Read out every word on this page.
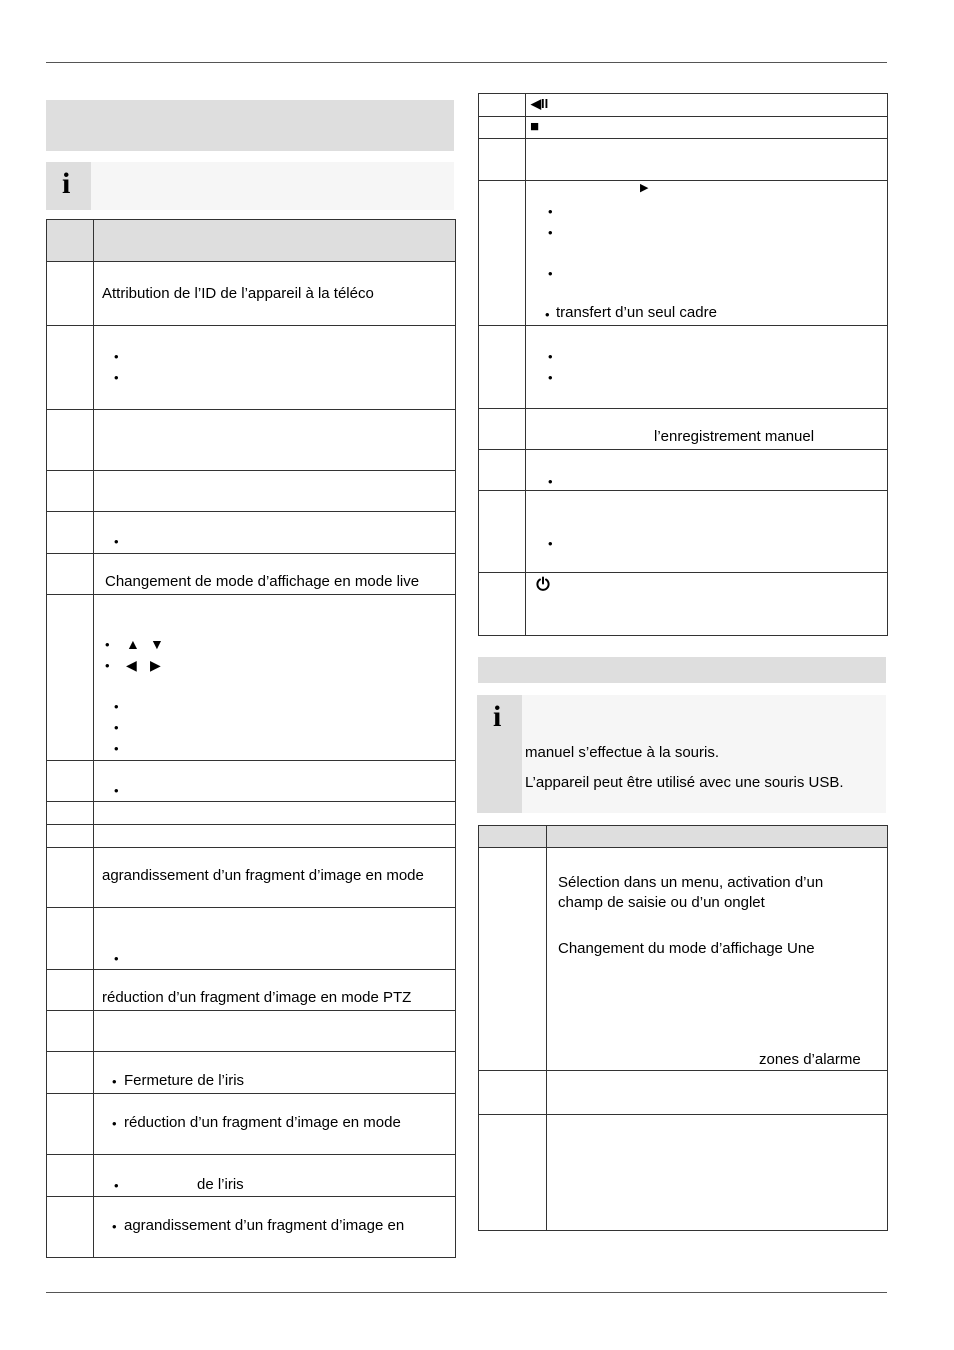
i
Attribution de l’ID de l’appareil à la téléco
•
•
•
Changement de mode d’affichage en mode live
• ▲ ▼
• ◀ ▶
•
•
•
•
agrandissement d’un fragment d’image en mode
•
réduction d’un fragment d’image en mode PTZ
• Fermeture de l’iris
• réduction d’un fragment d’image en mode
•	de l’iris
• agrandissement d’un fragment d’image en
◀II
■
▶
•
•
•
• transfert d’un seul cadre
•
•
l’enregistrement manuel
•
•
i
manuel s’effectue à la souris.
L’appareil peut être utilisé avec une souris USB.
Sélection dans un menu, activation d’un
champ de saisie ou d’un onglet
Changement du mode d’affichage Une
zones d’alarme
